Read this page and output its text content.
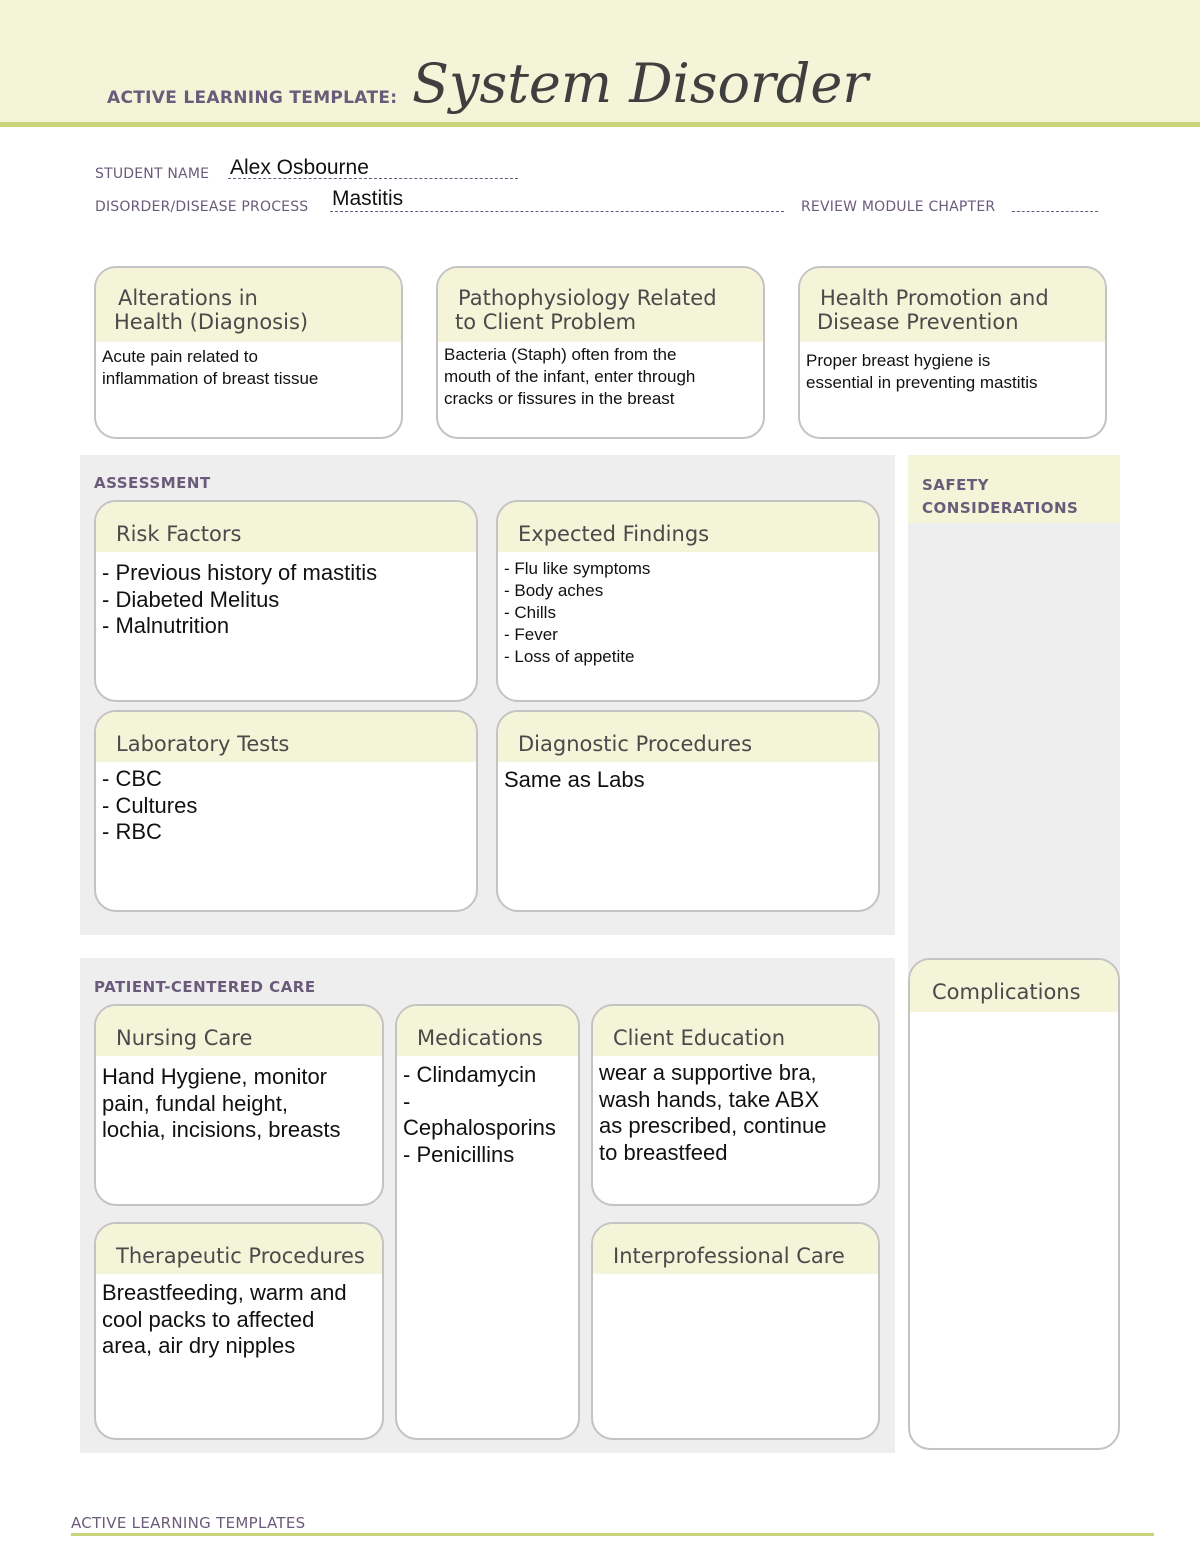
ACTIVE LEARNING TEMPLATE: System Disorder
STUDENT NAME Alex Osbourne
DISORDER/DISEASE PROCESS Mastitis	REVIEW MODULE CHAPTER
Alterations in
Health (Diagnosis)
Acute pain related to
inflammation of breast tissue
Pathophysiology Related
to Client Problem
Bacteria (Staph) often from the
mouth of the infant, enter through
cracks or fissures in the breast
Health Promotion and
Disease Prevention
Proper breast hygiene is
essential in preventing mastitis
ASSESSMENT
Risk Factors
- Previous history of mastitis
- Diabeted Melitus
- Malnutrition
Expected Findings
- Flu like symptoms
- Body aches
- Chills
- Fever
- Loss of appetite
Laboratory Tests
- CBC
- Cultures
- RBC
Diagnostic Procedures
Same as Labs
SAFETY
CONSIDERATIONS
Complications
PATIENT-CENTERED CARE
Nursing Care
Hand Hygiene, monitor
pain, fundal height,
lochia, incisions, breasts
Medications
- Clindamycin
-
Cephalosporins
- Penicillins
Client Education
wear a supportive bra,
wash hands, take ABX
as prescribed, continue
to breastfeed
Therapeutic Procedures
Breastfeeding, warm and
cool packs to affected
area, air dry nipples
Interprofessional Care
ACTIVE LEARNING TEMPLATES
